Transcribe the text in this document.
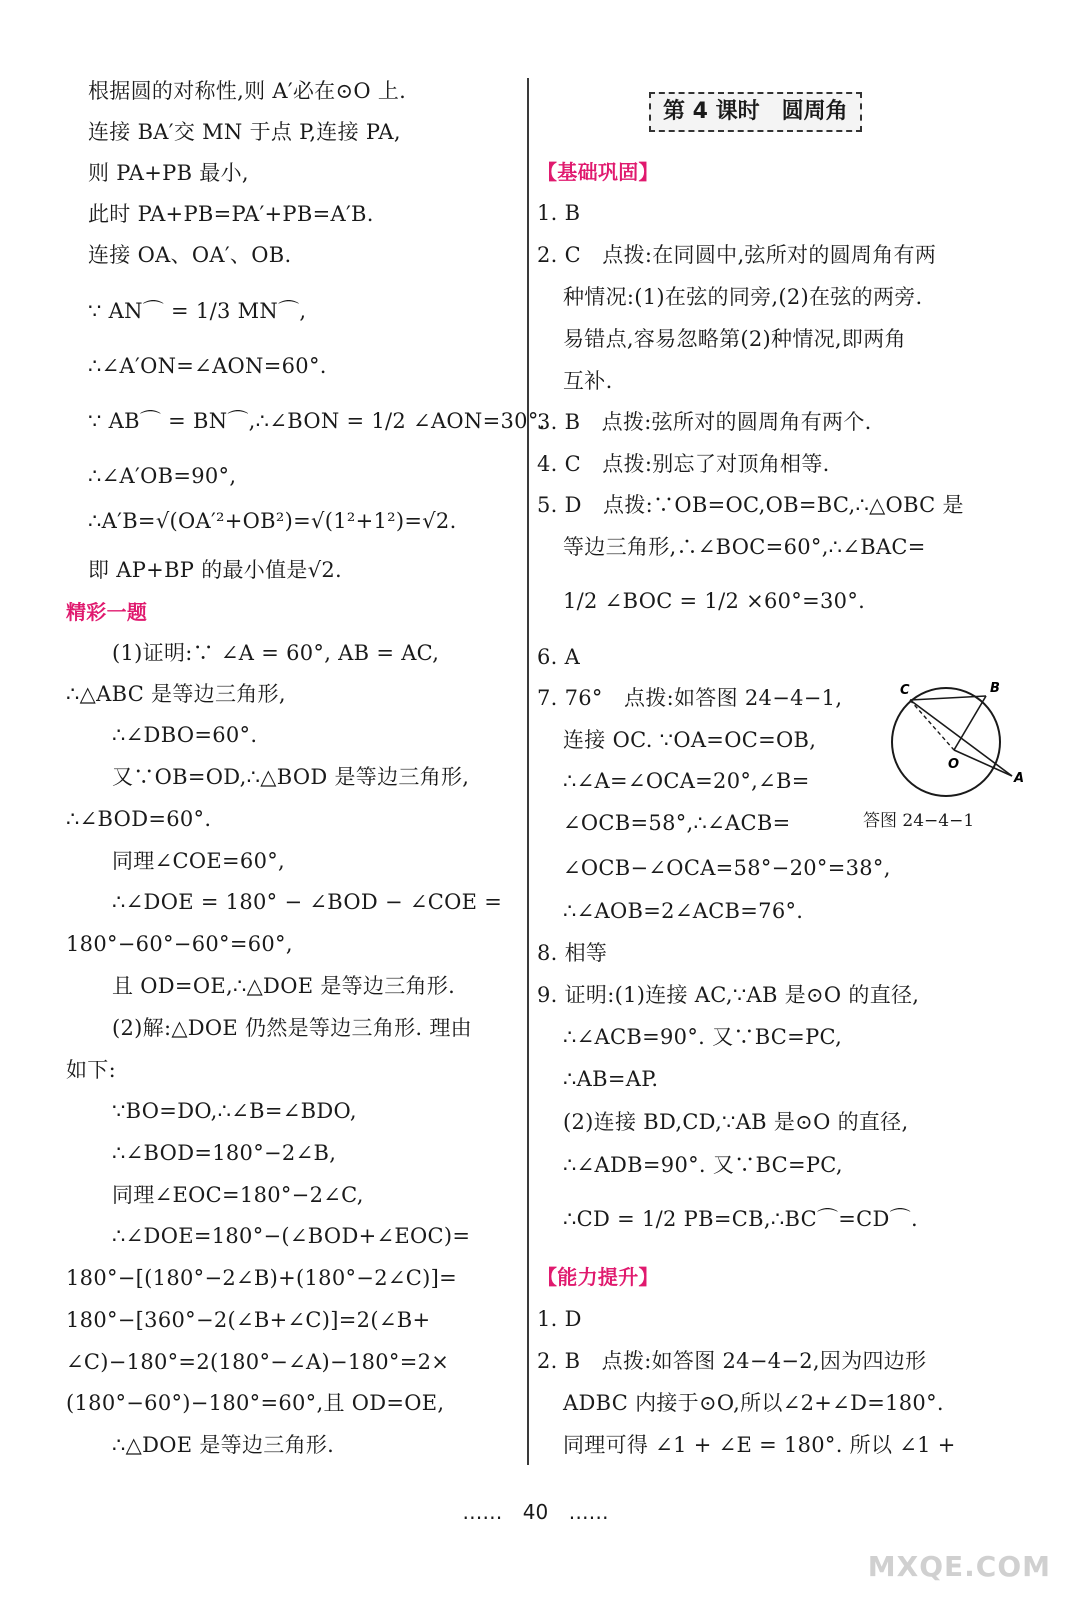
精彩一题
根据圆的对称性,则 A′必在⊙O 上.
连接 BA′交 MN 于点 P,连接 PA,
则 PA+PB 最小,
此时 PA+PB=PA′+PB=A′B.
连接 OA、OA′、OB.
∵ AN⌒ = 1/3 MN⌒,
∴∠A′ON=∠AON=60°.
∵ AB⌒ = BN⌒,∴∠BON = 1/2 ∠AON=30°.
∴∠A′OB=90°,
∴A′B=√(OA′²+OB²)=√(1²+1²)=√2.
即 AP+BP 的最小值是√2.
(1)证明:∵ ∠A = 60°, AB = AC,
∴△ABC 是等边三角形,
∴∠DBO=60°.
又∵OB=OD,∴△BOD 是等边三角形,
∴∠BOD=60°.
同理∠COE=60°,
∴∠DOE = 180° − ∠BOD − ∠COE =
180°−60°−60°=60°,
且 OD=OE,∴△DOE 是等边三角形.
(2)解:△DOE 仍然是等边三角形. 理由
如下:
∵BO=DO,∴∠B=∠BDO,
∴∠BOD=180°−2∠B,
同理∠EOC=180°−2∠C,
∴∠DOE=180°−(∠BOD+∠EOC)=
180°−[(180°−2∠B)+(180°−2∠C)]=
180°−[360°−2(∠B+∠C)]=2(∠B+
∠C)−180°=2(180°−∠A)−180°=2×
(180°−60°)−180°=60°,且 OD=OE,
∴△DOE 是等边三角形.
第 4 课时　圆周角
【基础巩固】
【能力提升】
1. B
2. C　点拨:在同圆中,弦所对的圆周角有两
种情况:(1)在弦的同旁,(2)在弦的两旁.
易错点,容易忽略第(2)种情况,即两角
互补.
3. B　点拨:弦所对的圆周角有两个.
4. C　点拨:别忘了对顶角相等.
5. D　点拨:∵OB=OC,OB=BC,∴△OBC 是
等边三角形,∴∠BOC=60°,∴∠BAC=
1/2 ∠BOC = 1/2 ×60°=30°.
6. A
7. 76°　点拨:如答图 24−4−1,
连接 OC. ∵OA=OC=OB,
∴∠A=∠OCA=20°,∠B=
∠OCB=58°,∴∠ACB=
∠OCB−∠OCA=58°−20°=38°,
∴∠AOB=2∠ACB=76°.
8. 相等
9. 证明:(1)连接 AC,∵AB 是⊙O 的直径,
∴∠ACB=90°. 又∵BC=PC,
∴AB=AP.
(2)连接 BD,CD,∵AB 是⊙O 的直径,
∴∠ADB=90°. 又∵BC=PC,
∴CD = 1/2 PB=CB,∴BC⌒=CD⌒.
1. D
2. B　点拨:如答图 24−4−2,因为四边形
ADBC 内接于⊙O,所以∠2+∠D=180°.
同理可得 ∠1 + ∠E = 180°. 所以 ∠1 +
C	B
O
A
答图 24−4−1
…… 40 ……
MXQE.COM
